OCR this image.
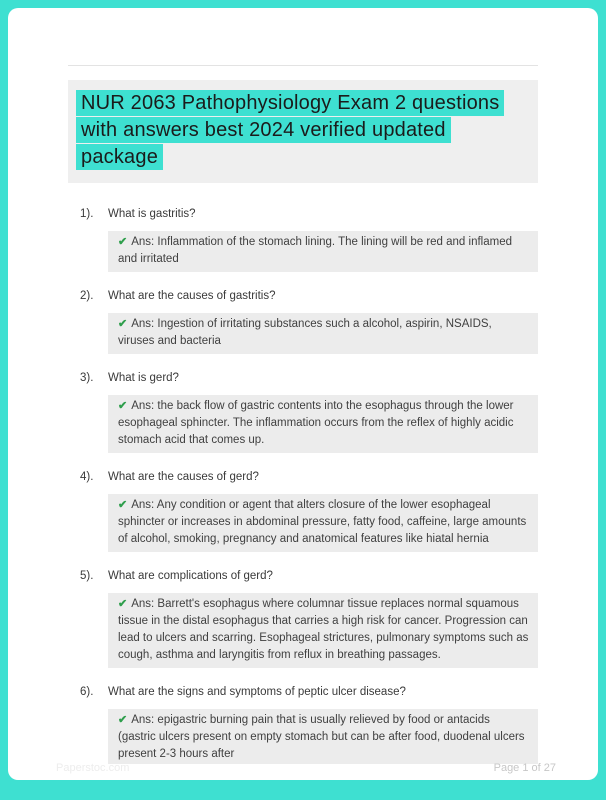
NUR 2063 Pathophysiology Exam 2 questions with answers best 2024 verified updated package
1).	What is gastritis?
✔ Ans: Inflammation of the stomach lining. The lining will be red and inflamed and irritated
2).	What are the causes of gastritis?
✔ Ans: Ingestion of irritating substances such a alcohol, aspirin, NSAIDS, viruses and bacteria
3).	What is gerd?
✔ Ans: the back flow of gastric contents into the esophagus through the lower esophageal sphincter. The inflammation occurs from the reflex of highly acidic stomach acid that comes up.
4).	What are the causes of gerd?
✔ Ans: Any condition or agent that alters closure of the lower esophageal sphincter or increases in abdominal pressure, fatty food, caffeine, large amounts of alcohol, smoking, pregnancy and anatomical features like hiatal hernia
5).	What are complications of gerd?
✔ Ans: Barrett's esophagus where columnar tissue replaces normal squamous tissue in the distal esophagus that carries a high risk for cancer. Progression can lead to ulcers and scarring. Esophageal strictures, pulmonary symptoms such as cough, asthma and laryngitis from reflux in breathing passages.
6).	What are the signs and symptoms of peptic ulcer disease?
✔ Ans: epigastric burning pain that is usually relieved by food or antacids (gastric ulcers present on empty stomach but can be after food, duodenal ulcers present 2-3 hours after
Paperstoc.com	Page 1 of 27
